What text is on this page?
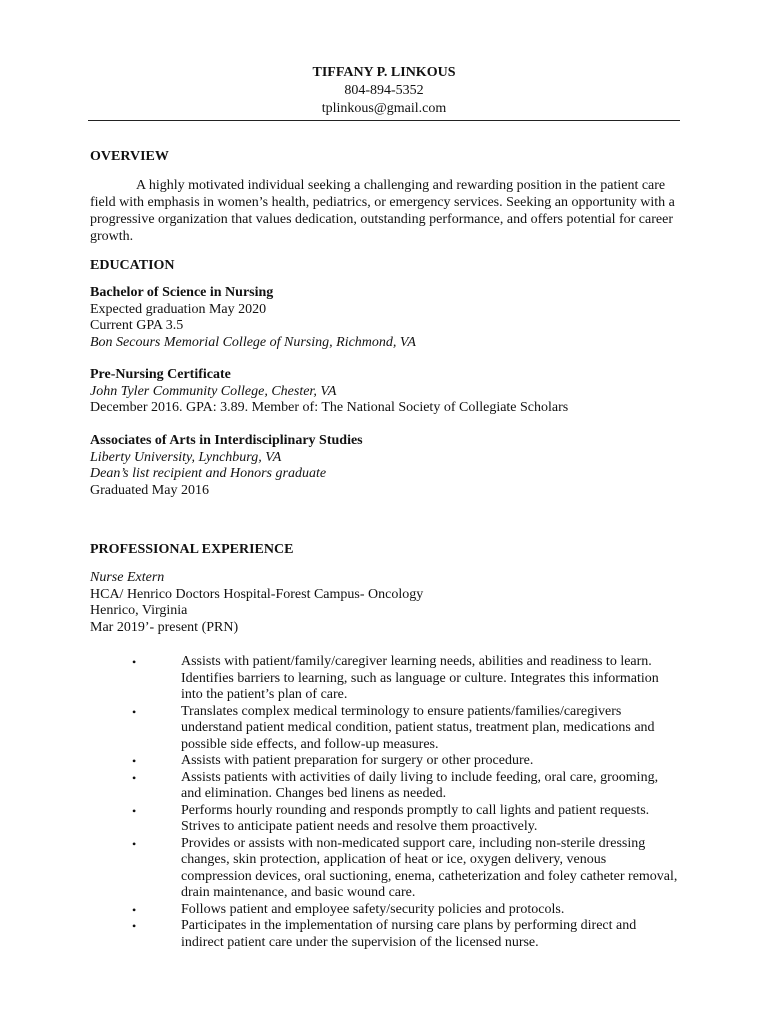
TIFFANY P. LINKOUS
804-894-5352
tplinkous@gmail.com
OVERVIEW
A highly motivated individual seeking a challenging and rewarding position in the patient care field with emphasis in women’s health, pediatrics, or emergency services. Seeking an opportunity with a progressive organization that values dedication, outstanding performance, and offers potential for career growth.
EDUCATION
Bachelor of Science in Nursing
Expected graduation May 2020
Current GPA 3.5
Bon Secours Memorial College of Nursing, Richmond, VA
Pre-Nursing Certificate
John Tyler Community College, Chester, VA
December 2016. GPA: 3.89. Member of: The National Society of Collegiate Scholars
Associates of Arts in Interdisciplinary Studies
Liberty University, Lynchburg, VA
Dean’s list recipient and Honors graduate
Graduated May 2016
PROFESSIONAL EXPERIENCE
Nurse Extern
HCA/ Henrico Doctors Hospital-Forest Campus- Oncology
Henrico, Virginia
Mar 2019’- present (PRN)
•	Assists with patient/family/caregiver learning needs, abilities and readiness to learn. Identifies barriers to learning, such as language or culture. Integrates this information into the patient’s plan of care.
•	Translates complex medical terminology to ensure patients/families/caregivers understand patient medical condition, patient status, treatment plan, medications and possible side effects, and follow-up measures.
•	Assists with patient preparation for surgery or other procedure.
•	Assists patients with activities of daily living to include feeding, oral care, grooming, and elimination. Changes bed linens as needed.
•	Performs hourly rounding and responds promptly to call lights and patient requests. Strives to anticipate patient needs and resolve them proactively.
•	Provides or assists with non-medicated support care, including non-sterile dressing changes, skin protection, application of heat or ice, oxygen delivery, venous compression devices, oral suctioning, enema, catheterization and foley catheter removal, drain maintenance, and basic wound care.
•	Follows patient and employee safety/security policies and protocols.
•	Participates in the implementation of nursing care plans by performing direct and indirect patient care under the supervision of the licensed nurse.
